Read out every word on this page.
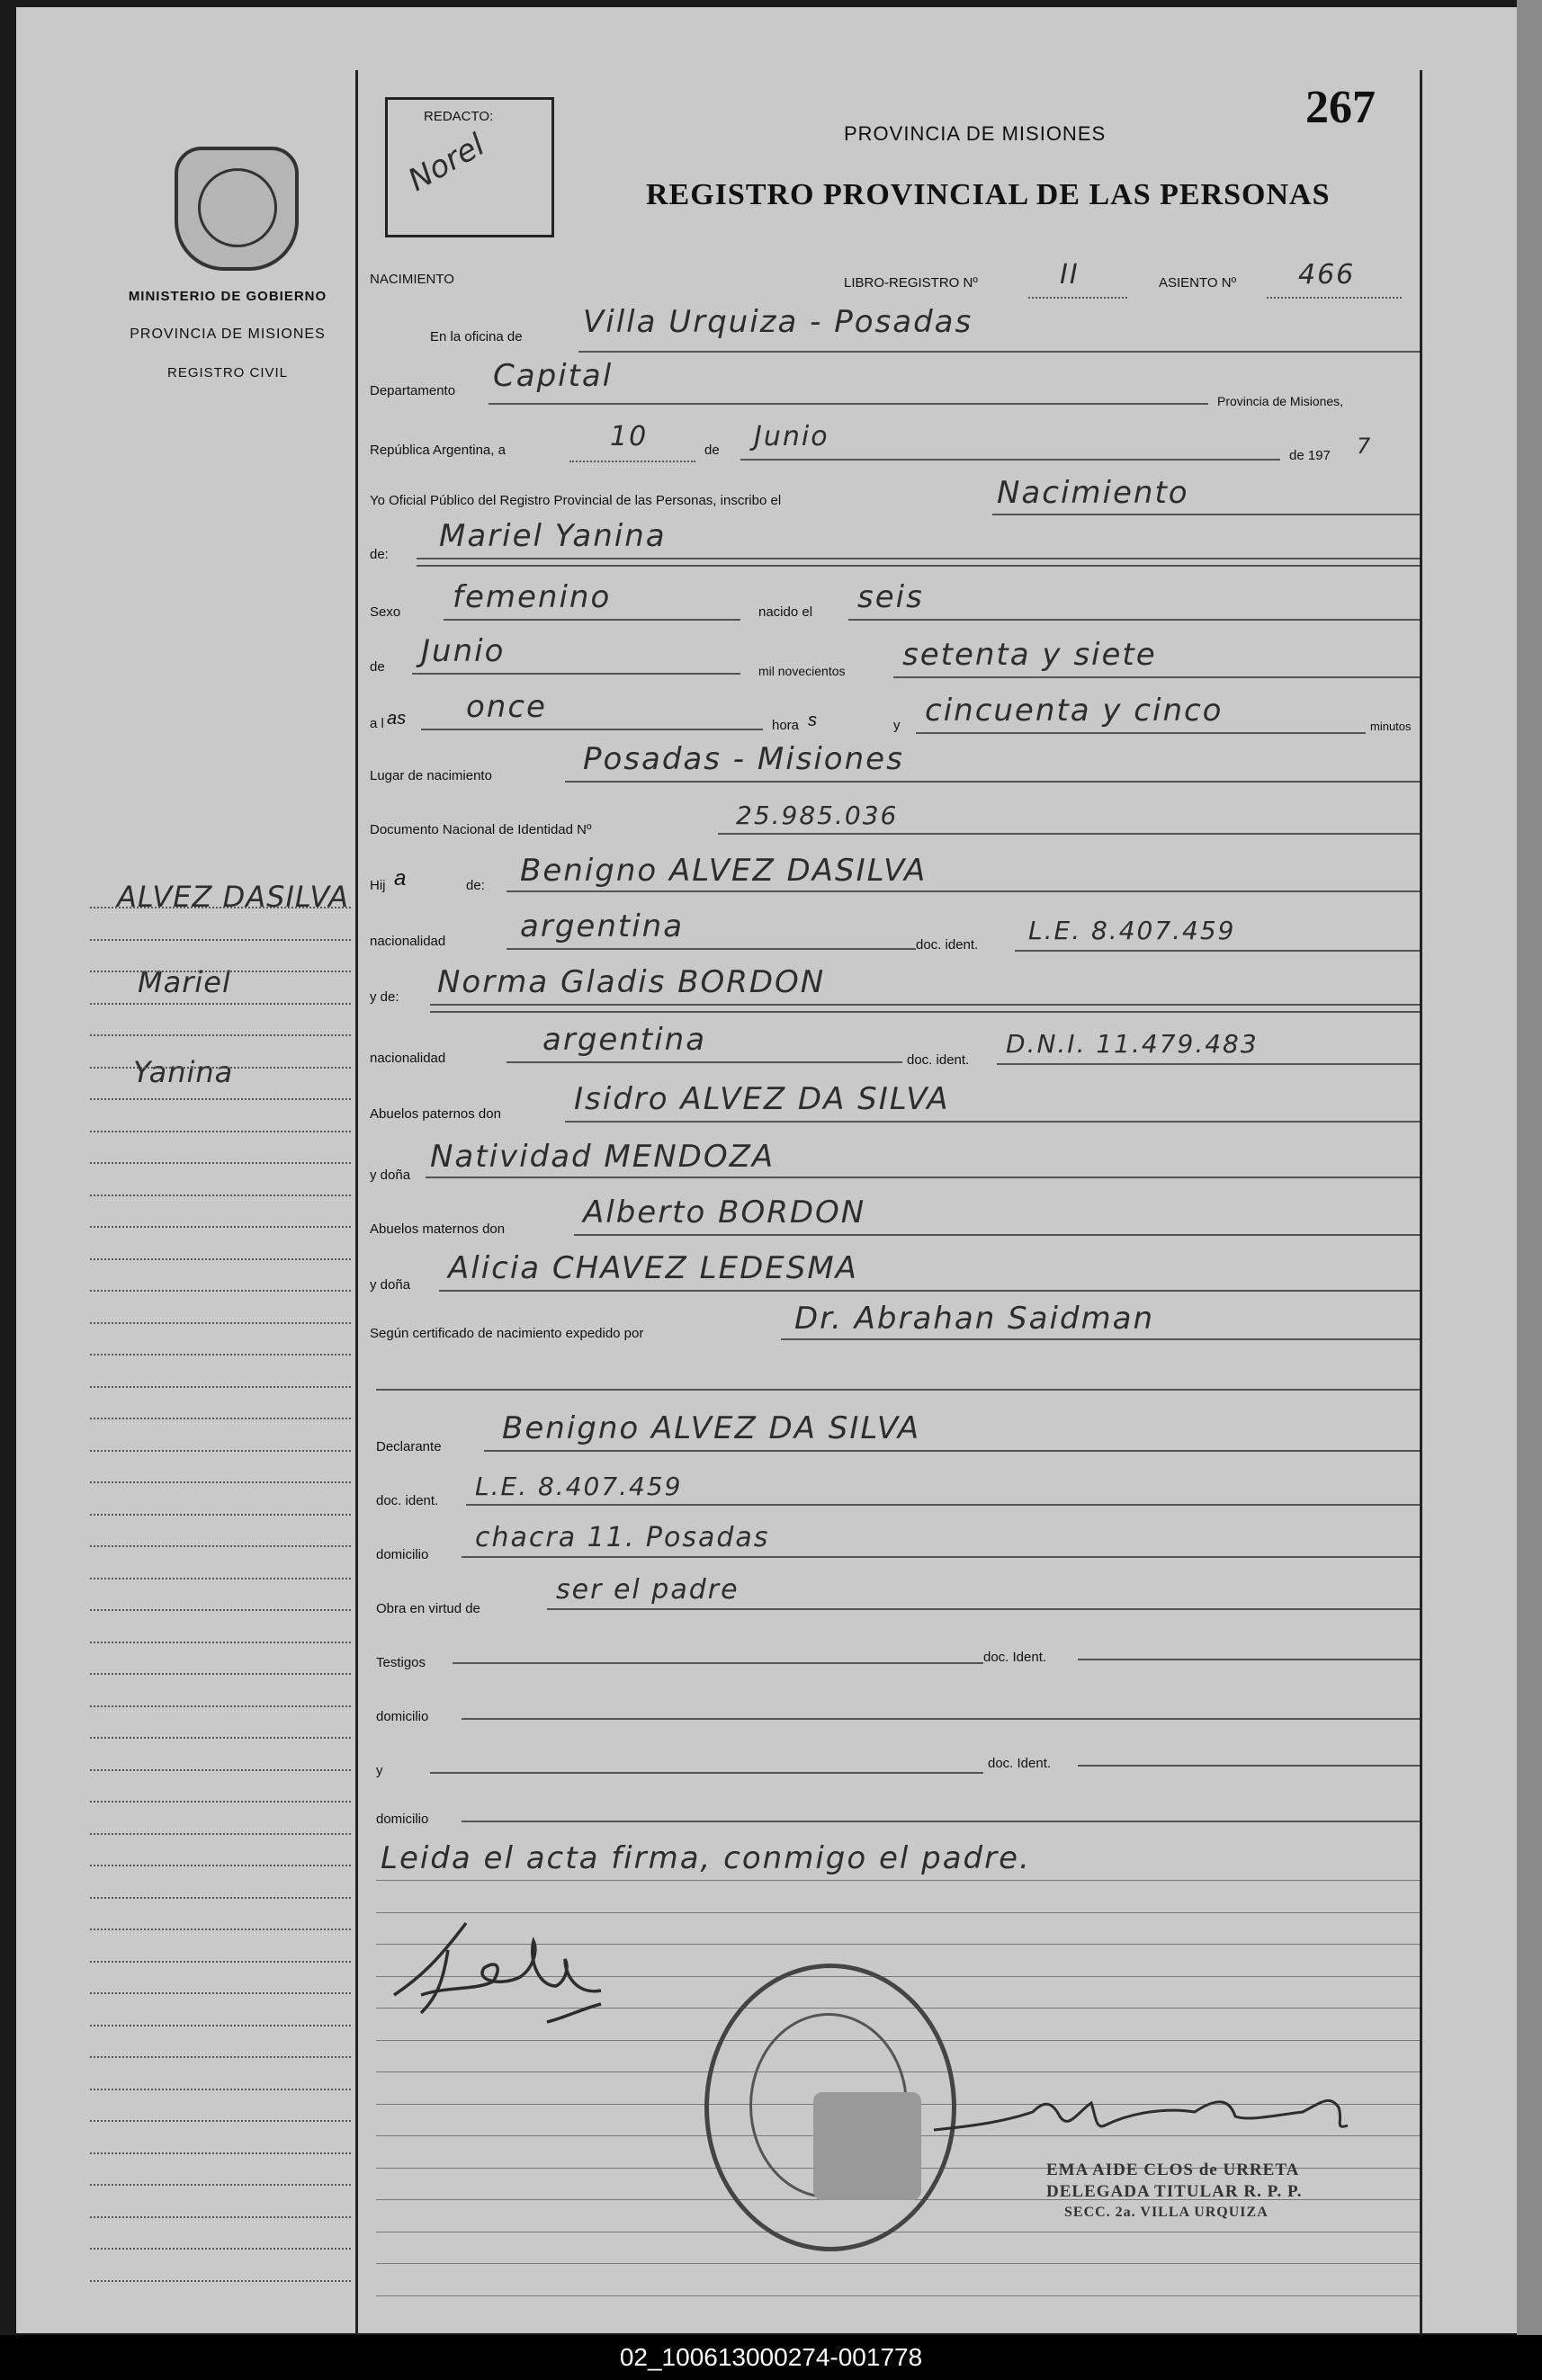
MINISTERIO DE GOBIERNO
PROVINCIA DE MISIONES
REGISTRO CIVIL
ALVEZ DASILVA
Mariel
Yanina
REDACTO:
Norel	PROVINCIA DE MISIONES
REGISTRO PROVINCIAL DE LAS PERSONAS
267
NACIMIENTO	LIBRO-REGISTRO Nº	II	ASIENTO Nº 466
En la oficina de Villa Urquiza - Posadas
Departamento Capital
Provincia de Misiones,
República Argentina, a	10	de Junio
de 197 7
Yo Oficial Público del Registro Provincial de las Personas, inscribo el	Nacimiento
de:
Mariel Yanina
Sexo femenino	nacido el seis
de Junio
mil novecientos setenta y siete
a l as once
hora s	y cincuenta y cinco	minutos
Lugar de nacimiento	Posadas - Misiones
Documento Nacional de Identidad Nº	25.985.036
Hij a	de: Benigno ALVEZ DASILVA
nacionalidad argentina
doc. ident. L.E. 8.407.459
y de: Norma Gladis BORDON
nacionalidad
argentina
doc. ident.
D.N.I. 11.479.483
Abuelos paternos don Isidro ALVEZ DA SILVA
y doña
Natividad MENDOZA
Abuelos maternos don	Alberto BORDON
y doña Alicia CHAVEZ LEDESMA
Según certificado de nacimiento expedido por	Dr. Abrahan Saidman
Declarante
Benigno ALVEZ DA SILVA
doc. ident. L.E. 8.407.459
domicilio
chacra 11. Posadas
Obra en virtud de
ser el padre
Testigos	doc. Ident.
domicilio
y	doc. Ident.
domicilio
Leida el acta firma, conmigo el padre.
EMA AIDE CLOS de URRETA
DELEGADA TITULAR R. P. P.
SECC. 2a. VILLA URQUIZA
02_100613000274-001778
